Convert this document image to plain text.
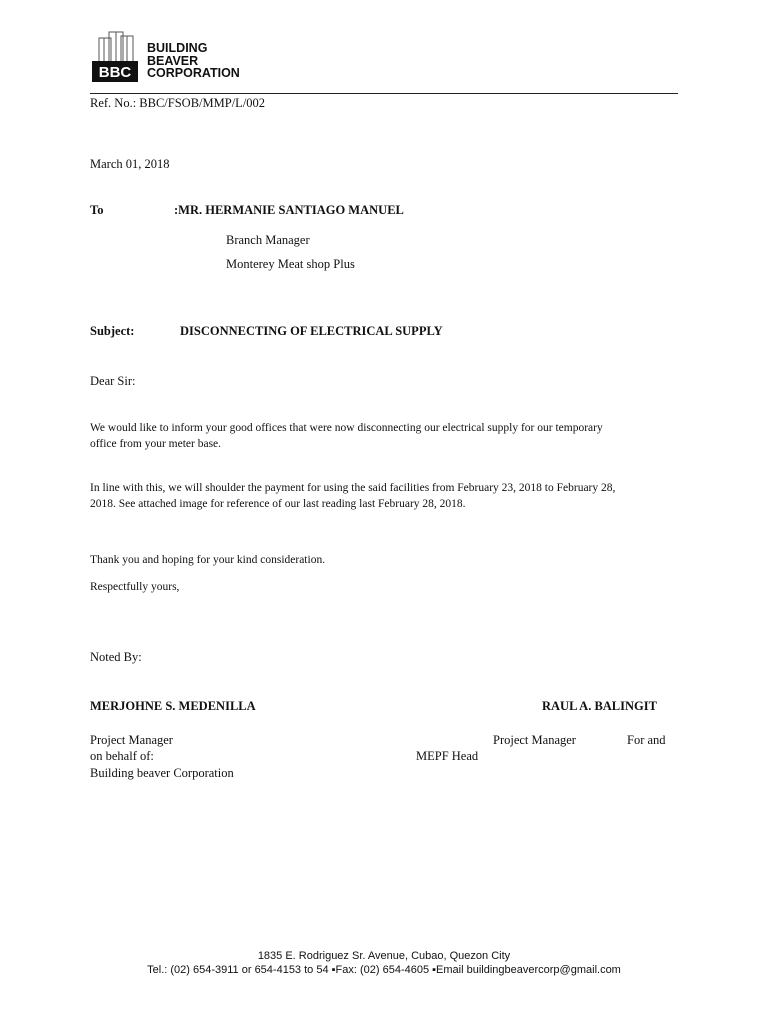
BBC
BUILDING
BEAVER
CORPORATION
Ref. No.: BBC/FSOB/MMP/L/002
March 01, 2018
To	:MR. HERMANIE SANTIAGO MANUEL
Branch Manager
Monterey Meat shop Plus
Subject:	DISCONNECTING OF ELECTRICAL SUPPLY
Dear Sir:
We would like to inform your good offices that were now disconnecting our electrical supply for our temporary
office from your meter base.
In line with this, we will shoulder the payment for using the said facilities from February 23, 2018 to February 28,
2018. See attached image for reference of our last reading last February 28, 2018.
Thank you and hoping for your kind consideration.
Respectfully yours,
Noted By:
MERJOHNE S. MEDENILLA	RAUL A. BALINGIT
Project Manager	Project Manager	For and
on behalf of:	MEPF Head
Building beaver Corporation
1835 E. Rodriguez Sr. Avenue, Cubao, Quezon City
Tel.: (02) 654-3911 or 654-4153 to 54 ▪Fax: (02) 654-4605 ▪Email buildingbeavercorp@gmail.com
